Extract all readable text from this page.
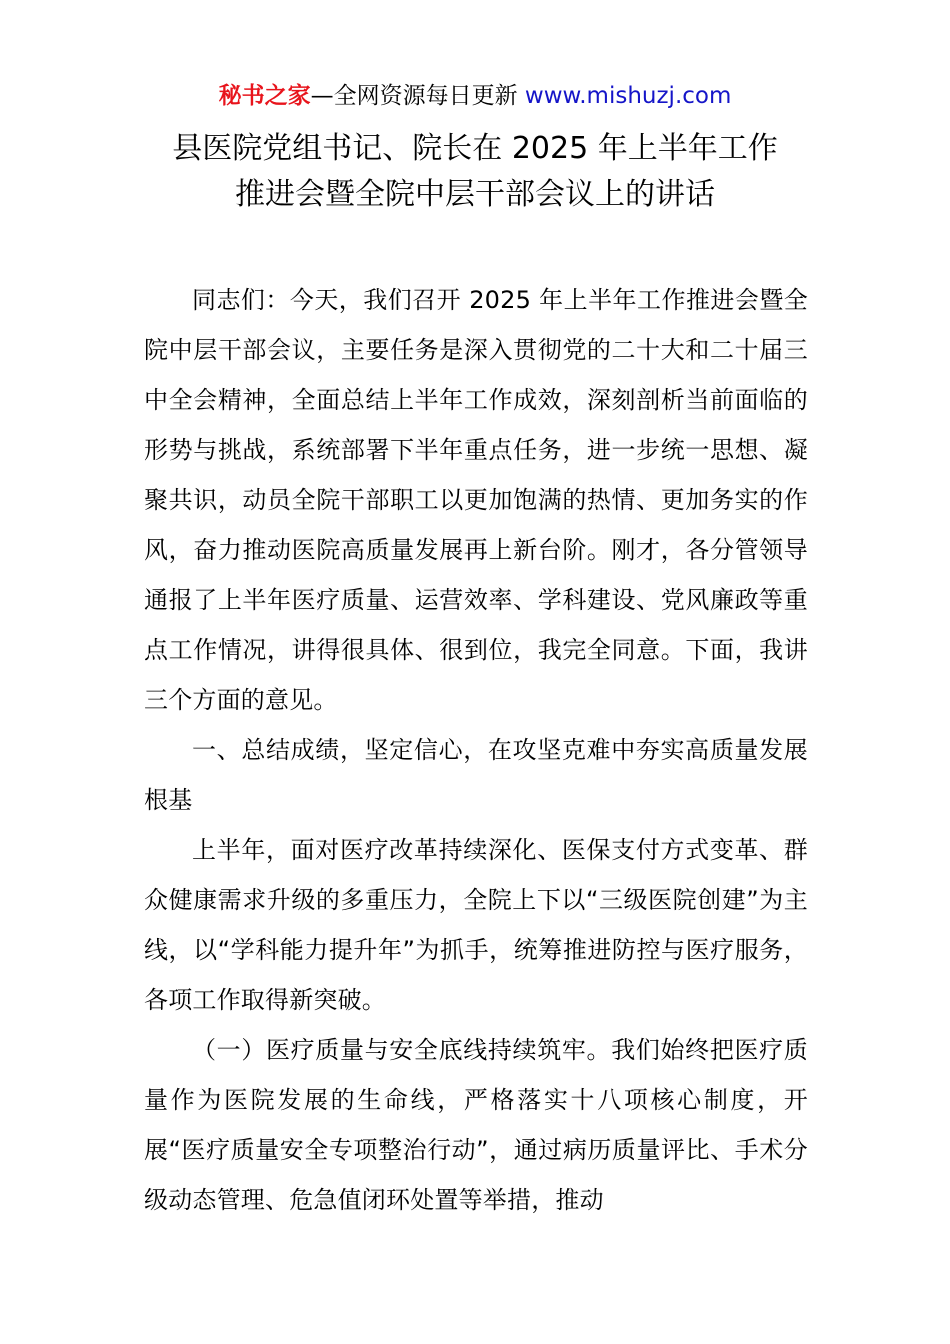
秘书之家—全网资源每日更新 www.mishuzj.com
县医院党组书记、院长在 2025 年上半年工作
推进会暨全院中层干部会议上的讲话

同志们：今天，我们召开 2025 年上半年工作推进会暨全院中层干部会议，主要任务是深入贯彻党的二十大和二十届三中全会精神，全面总结上半年工作成效，深刻剖析当前面临的形势与挑战，系统部署下半年重点任务，进一步统一思想、凝聚共识，动员全院干部职工以更加饱满的热情、更加务实的作风，奋力推动医院高质量发展再上新台阶。刚才，各分管领导通报了上半年医疗质量、运营效率、学科建设、党风廉政等重点工作情况，讲得很具体、很到位，我完全同意。下面，我讲三个方面的意见。

一、总结成绩，坚定信心，在攻坚克难中夯实高质量发展根基

上半年，面对医疗改革持续深化、医保支付方式变革、群众健康需求升级的多重压力，全院上下以“三级医院创建”为主线，以“学科能力提升年”为抓手，统筹推进防控与医疗服务，各项工作取得新突破。

（一）医疗质量与安全底线持续筑牢。我们始终把医疗质量作为医院发展的生命线，严格落实十八项核心制度，开展“医疗质量安全专项整治行动”，通过病历质量评比、手术分级动态管理、危急值闭环处置等举措，推动
